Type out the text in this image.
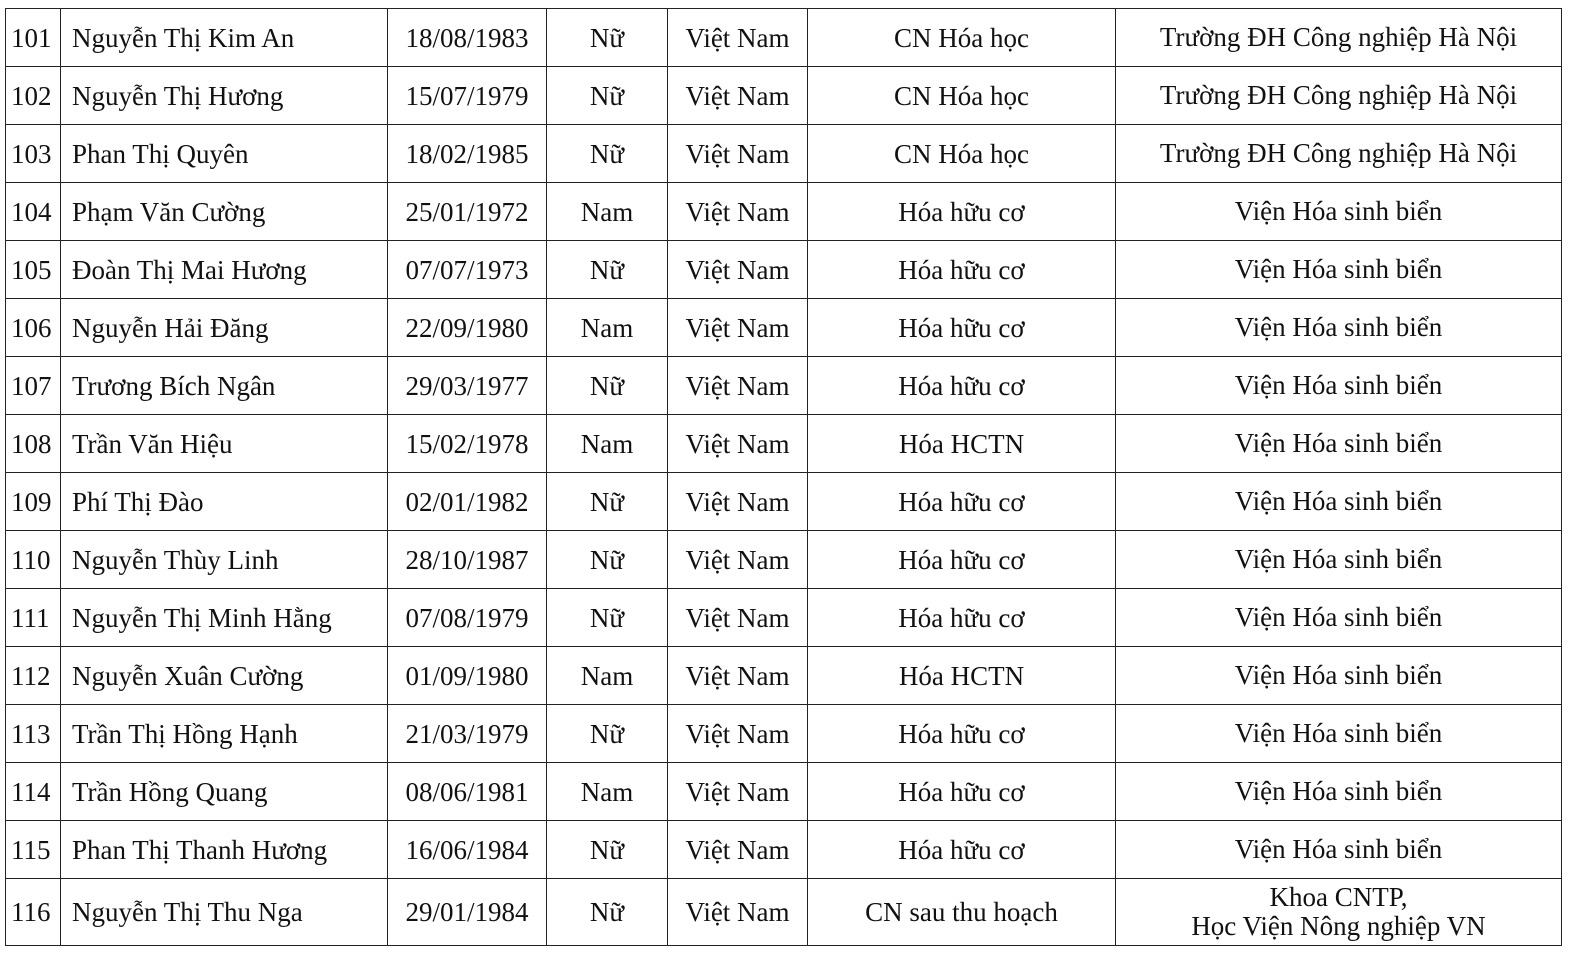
101	Nguyễn Thị Kim An	18/08/1983	Nữ	Việt Nam	CN Hóa học	Trường ĐH Công nghiệp Hà Nội

102	Nguyễn Thị Hương	15/07/1979	Nữ	Việt Nam	CN Hóa học	Trường ĐH Công nghiệp Hà Nội

103	Phan Thị Quyên	18/02/1985	Nữ	Việt Nam	CN Hóa học	Trường ĐH Công nghiệp Hà Nội

104	Phạm Văn Cường	25/01/1972	Nam	Việt Nam	Hóa hữu cơ	Viện Hóa sinh biển

105	Đoàn Thị Mai Hương	07/07/1973	Nữ	Việt Nam	Hóa hữu cơ	Viện Hóa sinh biển

106	Nguyễn Hải Đăng	22/09/1980	Nam	Việt Nam	Hóa hữu cơ	Viện Hóa sinh biển

107	Trương Bích Ngân	29/03/1977	Nữ	Việt Nam	Hóa hữu cơ	Viện Hóa sinh biển

108	Trần Văn Hiệu	15/02/1978	Nam	Việt Nam	Hóa HCTN	Viện Hóa sinh biển

109	Phí Thị Đào	02/01/1982	Nữ	Việt Nam	Hóa hữu cơ	Viện Hóa sinh biển

110	Nguyễn Thùy Linh	28/10/1987	Nữ	Việt Nam	Hóa hữu cơ	Viện Hóa sinh biển

111	Nguyễn Thị Minh Hằng	07/08/1979	Nữ	Việt Nam	Hóa hữu cơ	Viện Hóa sinh biển

112	Nguyễn Xuân Cường	01/09/1980	Nam	Việt Nam	Hóa HCTN	Viện Hóa sinh biển

113	Trần Thị Hồng Hạnh	21/03/1979	Nữ	Việt Nam	Hóa hữu cơ	Viện Hóa sinh biển

114	Trần Hồng Quang	08/06/1981	Nam	Việt Nam	Hóa hữu cơ	Viện Hóa sinh biển

115	Phan Thị Thanh Hương	16/06/1984	Nữ	Việt Nam	Hóa hữu cơ	Viện Hóa sinh biển

116	Nguyễn Thị Thu Nga	29/01/1984	Nữ	Việt Nam	CN sau thu hoạch	Khoa CNTP,
Học Viện Nông nghiệp VN
